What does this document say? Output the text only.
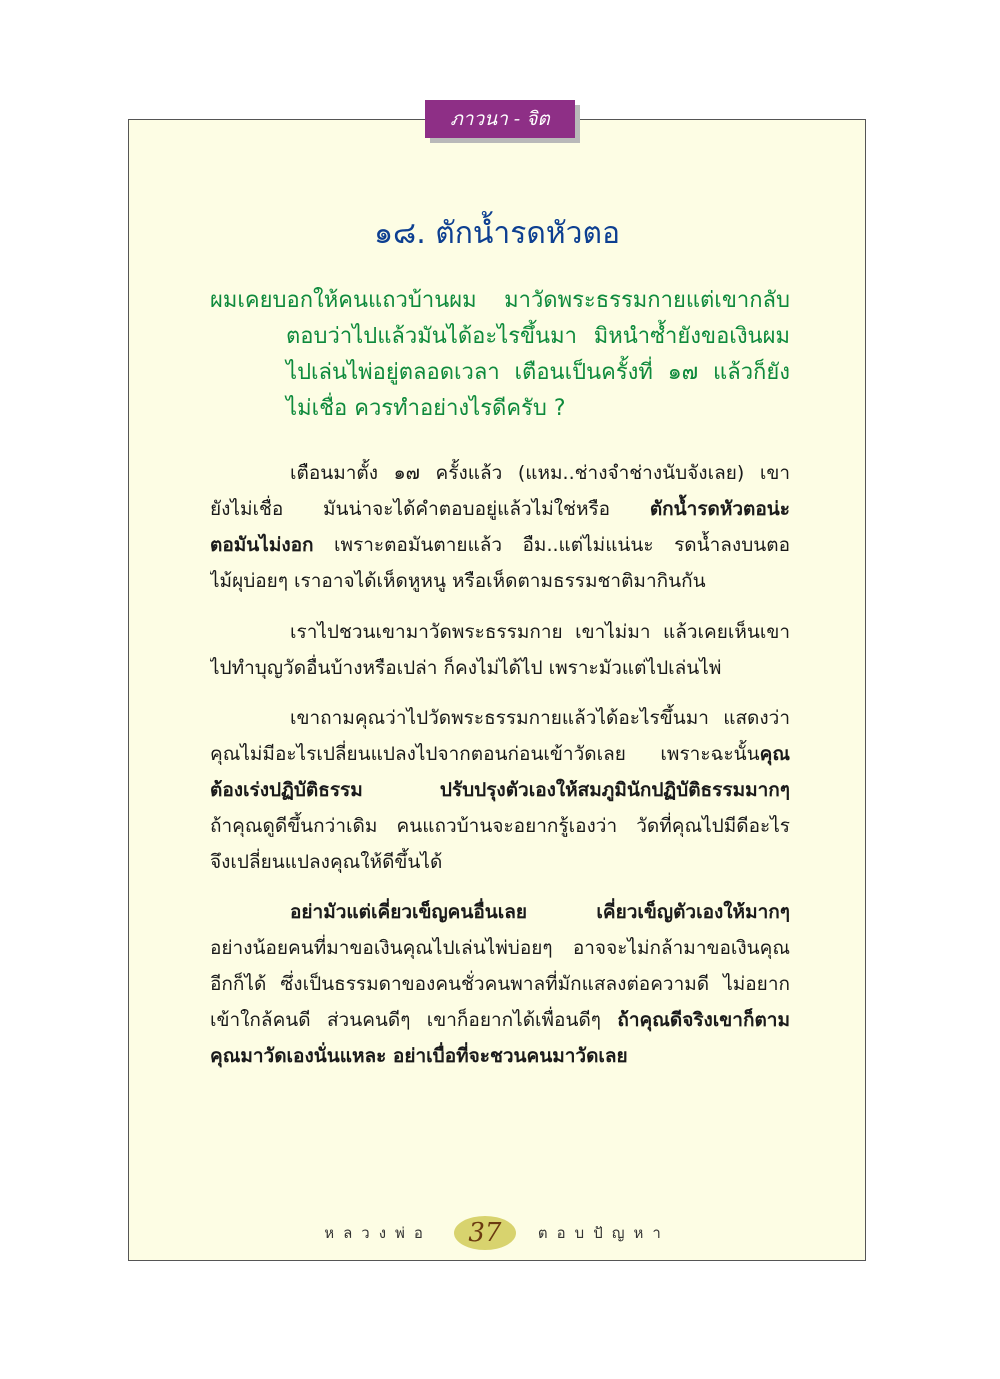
ภาวนา - จิต
๑๘. ตักน้ำรดหัวตอ
ผมเคยบอกให้คนแถวบ้านผม มาวัดพระธรรมกายแต่เขากลับ
ตอบว่าไปแล้วมันได้อะไรขึ้นมา มิหนำซ้ำยังขอเงินผม
ไปเล่นไพ่อยู่ตลอดเวลา เตือนเป็นครั้งที่ ๑๗ แล้วก็ยัง
ไม่เชื่อ ควรทำอย่างไรดีครับ ?
เตือนมาตั้ง ๑๗ ครั้งแล้ว (แหม..ช่างจำช่างนับจังเลย) เขา
ยังไม่เชื่อ มันน่าจะได้คำตอบอยู่แล้วไม่ใช่หรือ ตักน้ำรดหัวตอน่ะ
ตอมันไม่งอก เพราะตอมันตายแล้ว อืม..แต่ไม่แน่นะ รดน้ำลงบนตอ
ไม้ผุบ่อยๆ เราอาจได้เห็ดหูหนู หรือเห็ดตามธรรมชาติมากินกัน
เราไปชวนเขามาวัดพระธรรมกาย เขาไม่มา แล้วเคยเห็นเขา
ไปทำบุญวัดอื่นบ้างหรือเปล่า ก็คงไม่ได้ไป เพราะมัวแต่ไปเล่นไพ่
เขาถามคุณว่าไปวัดพระธรรมกายแล้วได้อะไรขึ้นมา แสดงว่า
คุณไม่มีอะไรเปลี่ยนแปลงไปจากตอนก่อนเข้าวัดเลย เพราะฉะนั้นคุณ
ต้องเร่งปฏิบัติธรรม ปรับปรุงตัวเองให้สมภูมินักปฏิบัติธรรมมากๆ
ถ้าคุณดูดีขึ้นกว่าเดิม คนแถวบ้านจะอยากรู้เองว่า วัดที่คุณไปมีดีอะไร
จึงเปลี่ยนแปลงคุณให้ดีขึ้นได้
อย่ามัวแต่เคี่ยวเข็ญคนอื่นเลย เคี่ยวเข็ญตัวเองให้มากๆ
อย่างน้อยคนที่มาขอเงินคุณไปเล่นไพ่บ่อยๆ อาจจะไม่กล้ามาขอเงินคุณ
อีกก็ได้ ซึ่งเป็นธรรมดาของคนชั่วคนพาลที่มักแสลงต่อความดี ไม่อยาก
เข้าใกล้คนดี ส่วนคนดีๆ เขาก็อยากได้เพื่อนดีๆ ถ้าคุณดีจริงเขาก็ตาม
คุณมาวัดเองนั่นแหละ อย่าเบื่อที่จะชวนคนมาวัดเลย
หลวงพ่อ 37 ตอบปัญหา
